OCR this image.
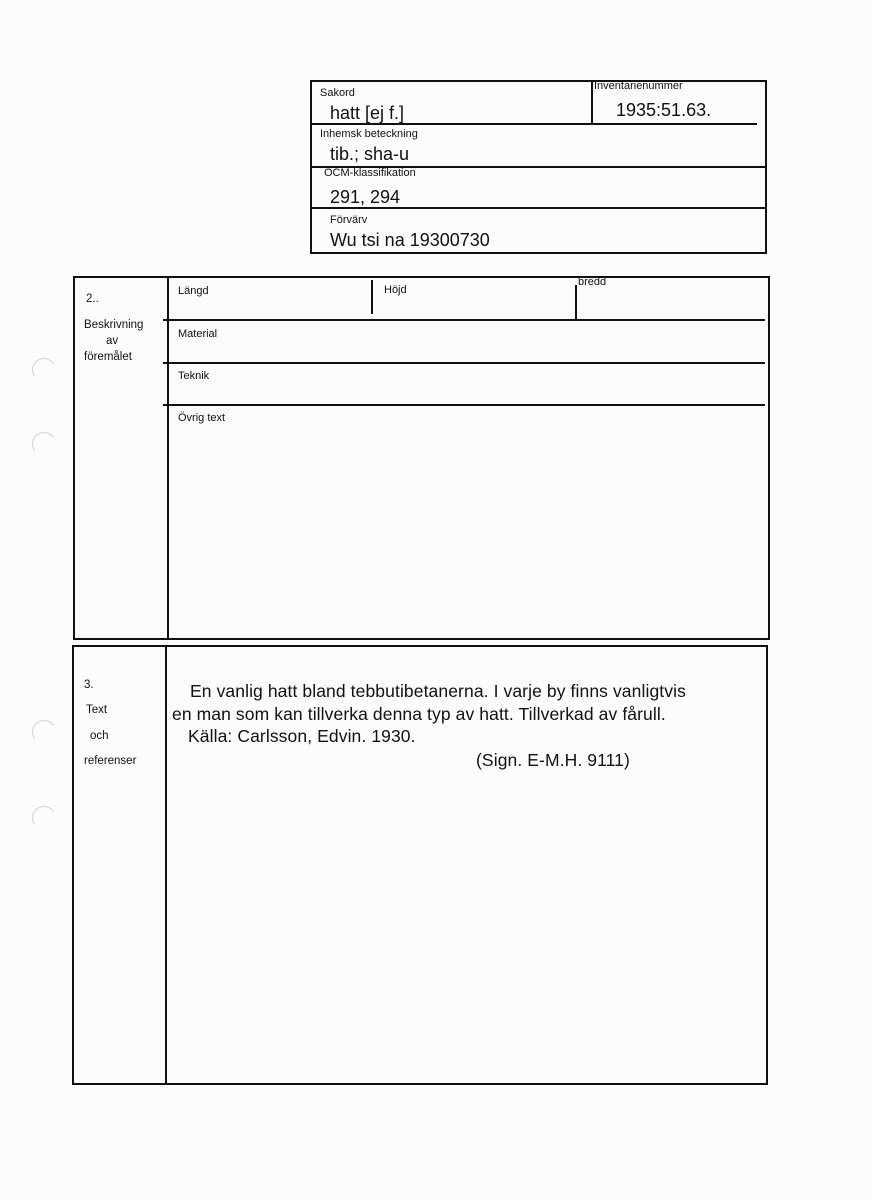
Sakord
hatt [ej f.]
Inventarienummer
1935:51.63.
Inhemsk beteckning
tib.; sha-u
OCM-klassifikation
291, 294
Förvärv
Wu tsi na 19300730
2..
Beskrivning
av
föremålet
Längd	Höjd
bredd
Material
Teknik
Övrig text
3.
Text
och
referenser
En vanlig hatt bland tebbutibetanerna. I varje by finns vanligtvis
en man som kan tillverka denna typ av hatt. Tillverkad av fårull.
Källa: Carlsson, Edvin. 1930.
(Sign. E-M.H. 9111)
